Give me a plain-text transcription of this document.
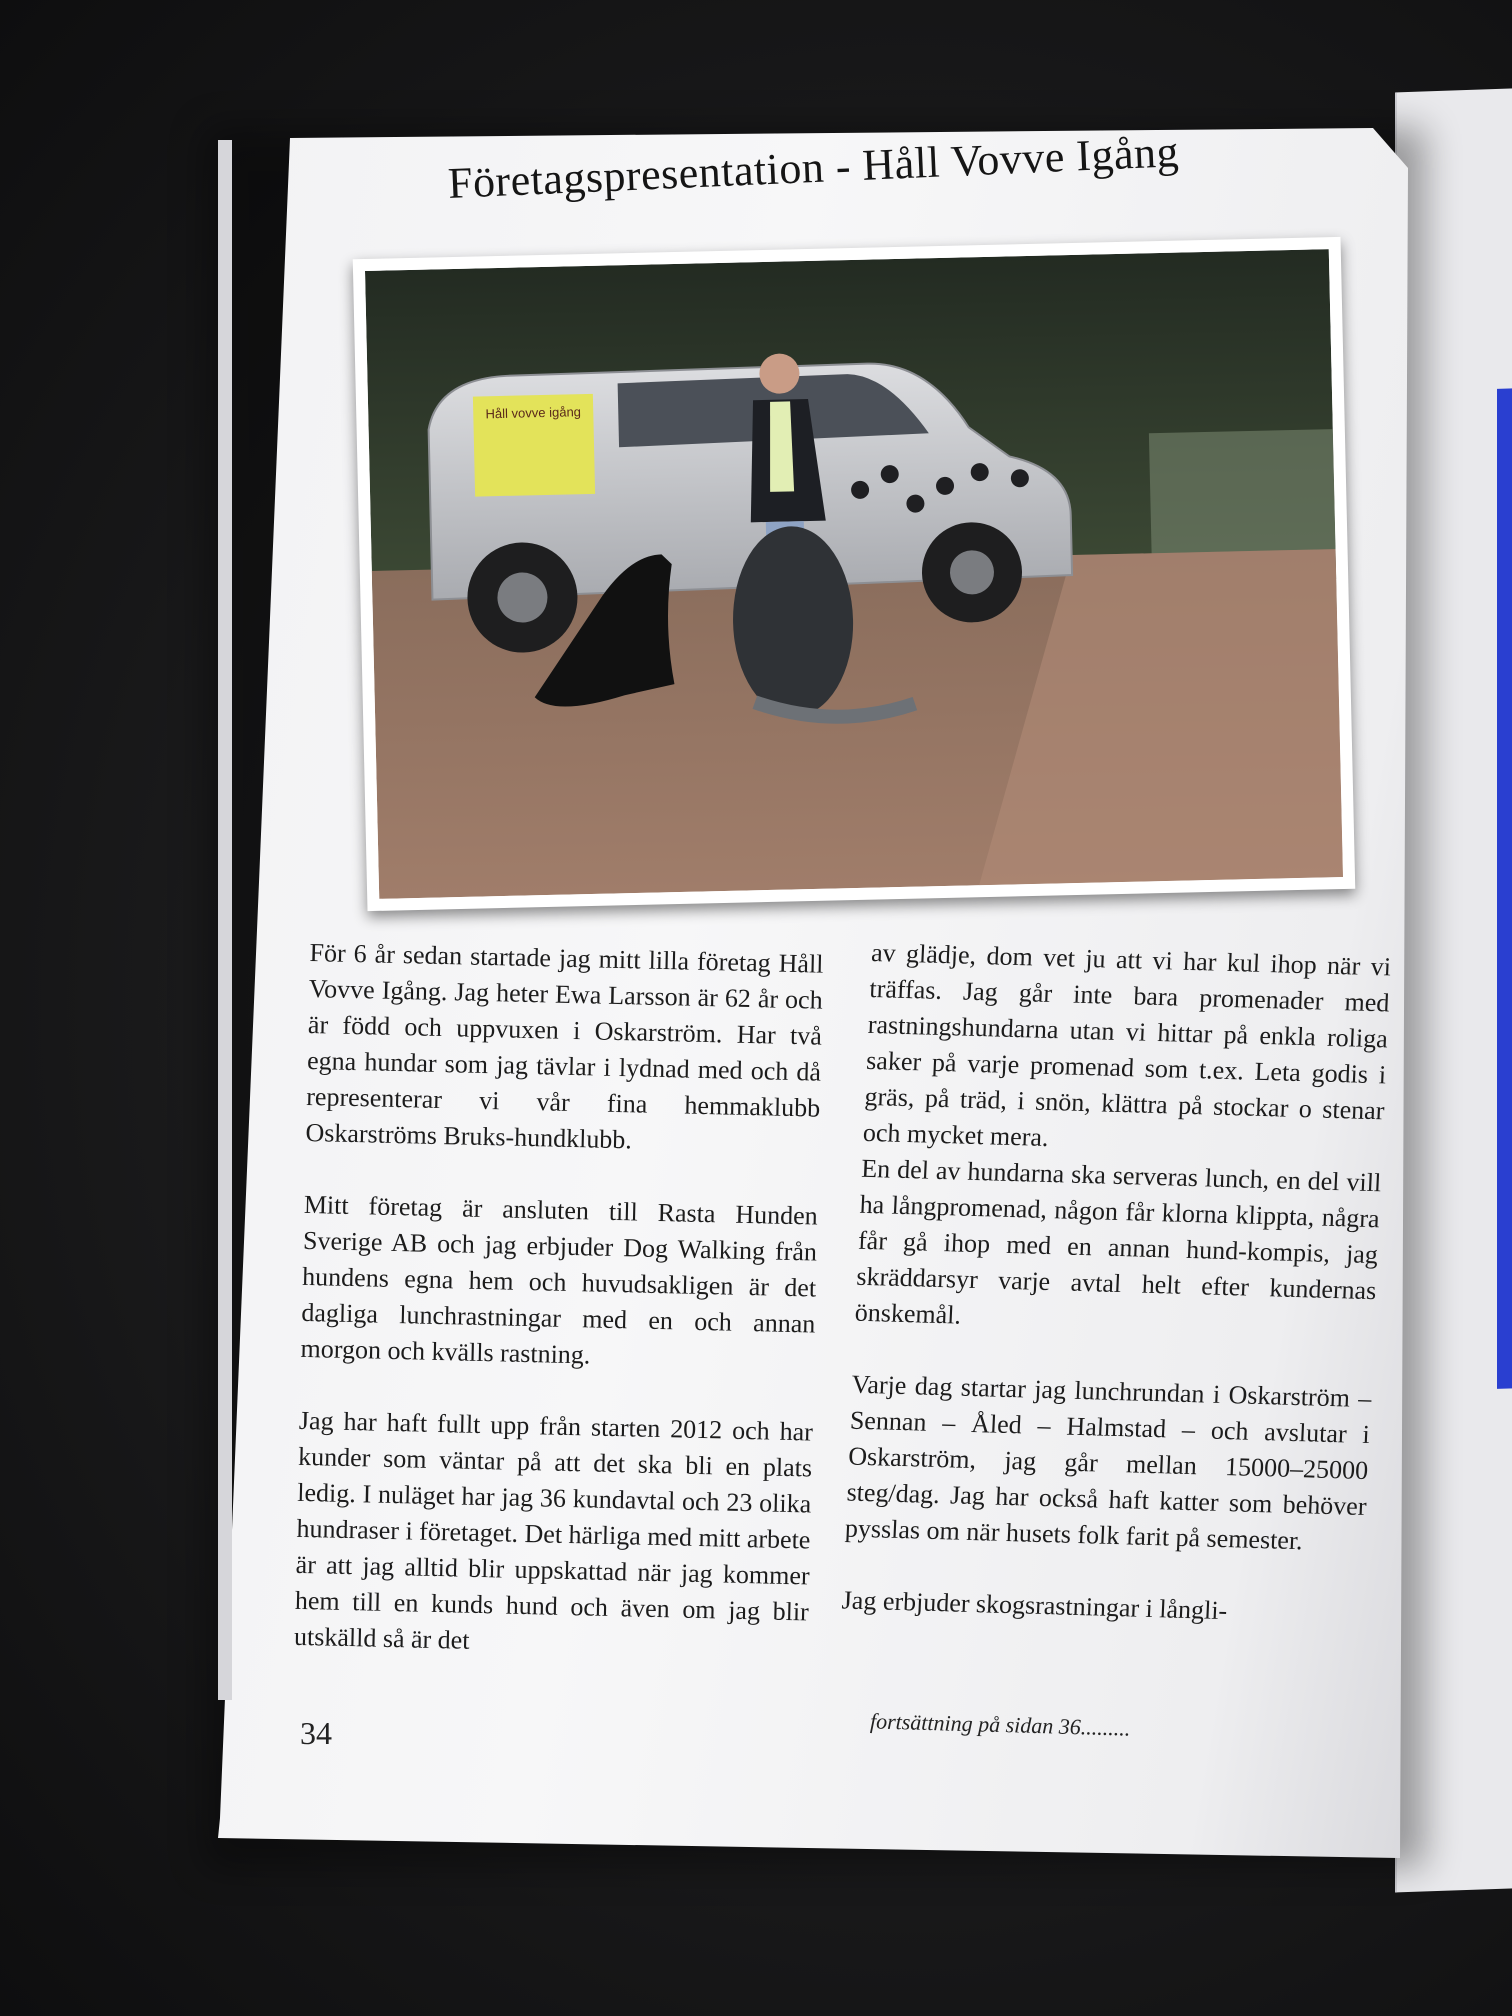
Företagspresentation - Håll Vovve Igång
Håll vovve igång

För 6 år sedan startade jag mitt lilla företag Håll Vovve Igång. Jag heter Ewa Larsson är 62 år och är född och uppvuxen i Oskarström. Har två egna hundar som jag tävlar i lydnad med och då representerar vi vår fina hemmaklubb Oskarströms Bruks-hundklubb.

Mitt företag är ansluten till Rasta Hunden Sverige AB och jag erbjuder Dog Walking från hundens egna hem och huvudsakligen är det dagliga lunchrastningar med en och annan morgon och kvälls rastning.

Jag har haft fullt upp från starten 2012 och har kunder som väntar på att det ska bli en plats ledig. I nuläget har jag 36 kundavtal och 23 olika hundraser i företaget. Det härliga med mitt arbete är att jag alltid blir uppskattad när jag kommer hem till en kunds hund och även om jag blir utskälld så är det

av glädje, dom vet ju att vi har kul ihop när vi träffas. Jag går inte bara promenader med rastningshundarna utan vi hittar på enkla roliga saker på varje promenad som t.ex. Leta godis i gräs, på träd, i snön, klättra på stockar o stenar och mycket mera.

En del av hundarna ska serveras lunch, en del vill ha långpromenad, någon får klorna klippta, några får gå ihop med en annan hund-kompis, jag skräddarsyr varje avtal helt efter kundernas önskemål.

Varje dag startar jag lunchrundan i Oskarström – Sennan – Åled – Halmstad – och avslutar i Oskarström, jag går mellan 15000–25000 steg/dag. Jag har också haft katter som behöver pysslas om när husets folk farit på semester.

Jag erbjuder skogsrastningar i långli-

34	fortsättning på sidan 36.........
